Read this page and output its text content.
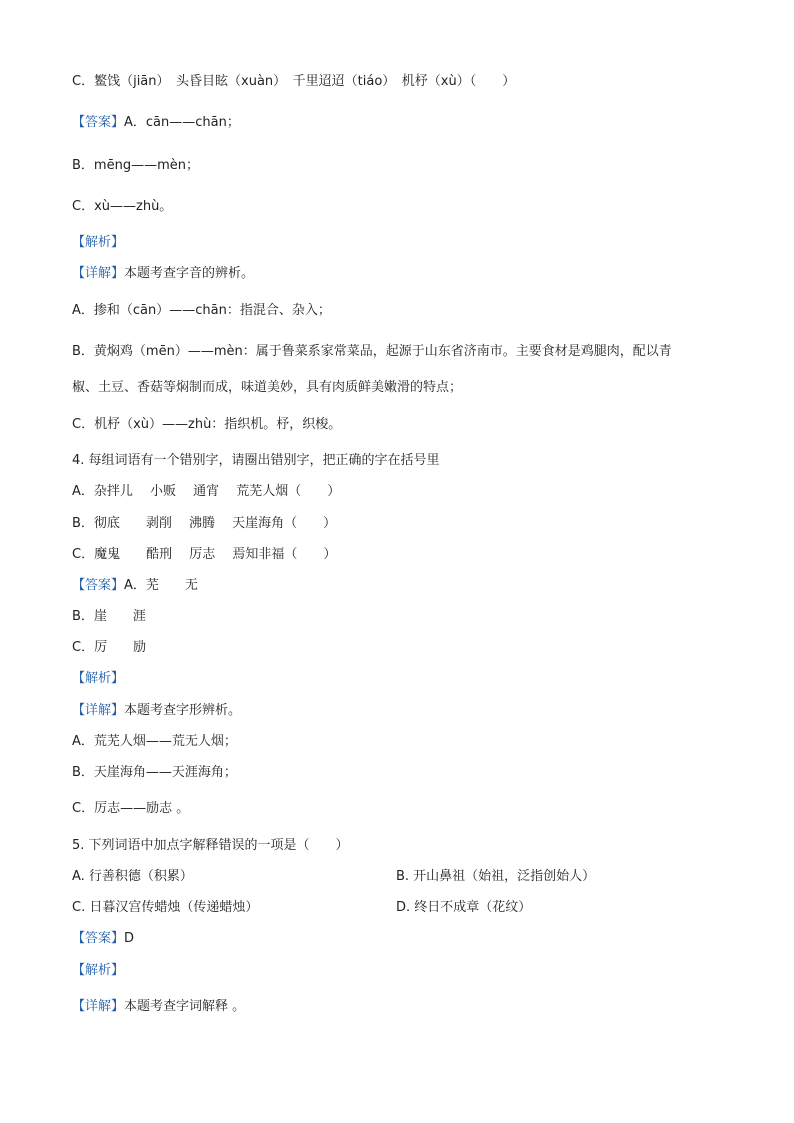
C．鳘饯（jiān）　头昏目眩（xuàn）　千里迢迢（tiáo）　机杼（xù）（　　）
【答案】A．cān——chān；
B．mēng——mèn；
C．xù——zhù。
【解析】
【详解】本题考查字音的辨析。
A．掺和（cān）——chān：指混合、杂入；
B．黄焖鸡（mēn）——mèn：属于鲁菜系家常菜品，起源于山东省济南市。主要食材是鸡腿肉，配以青
椒、土豆、香菇等焖制而成，味道美妙，具有肉质鲜美嫩滑的特点；
C．机杼（xù）——zhù：指织机。杼，织梭。
4. 每组词语有一个错别字，请圈出错别字，把正确的字在括号里
A．杂拌儿　 小贩　 通宵　 荒芜人烟（　　）
B．彻底　　剥削　 沸腾　 天崖海角（　　）
C．魔鬼　　酷刑　 厉志　 焉知非福（　　）
【答案】A．芜　　无
B．崖　　涯
C．厉　　励
【解析】
【详解】本题考查字形辨析。
A．荒芜人烟——荒无人烟；
B．天崖海角——天涯海角；
C．厉志——励志 。
5. 下列词语中加点字解释错误的一项是（　　）
A. 行善积德（积累）	B. 开山鼻祖（始祖，泛指创始人）
C. 日暮汉宫传蜡烛（传递蜡烛）	D. 终日不成章（花纹）
【答案】D
【解析】
【详解】本题考查字词解释 。
